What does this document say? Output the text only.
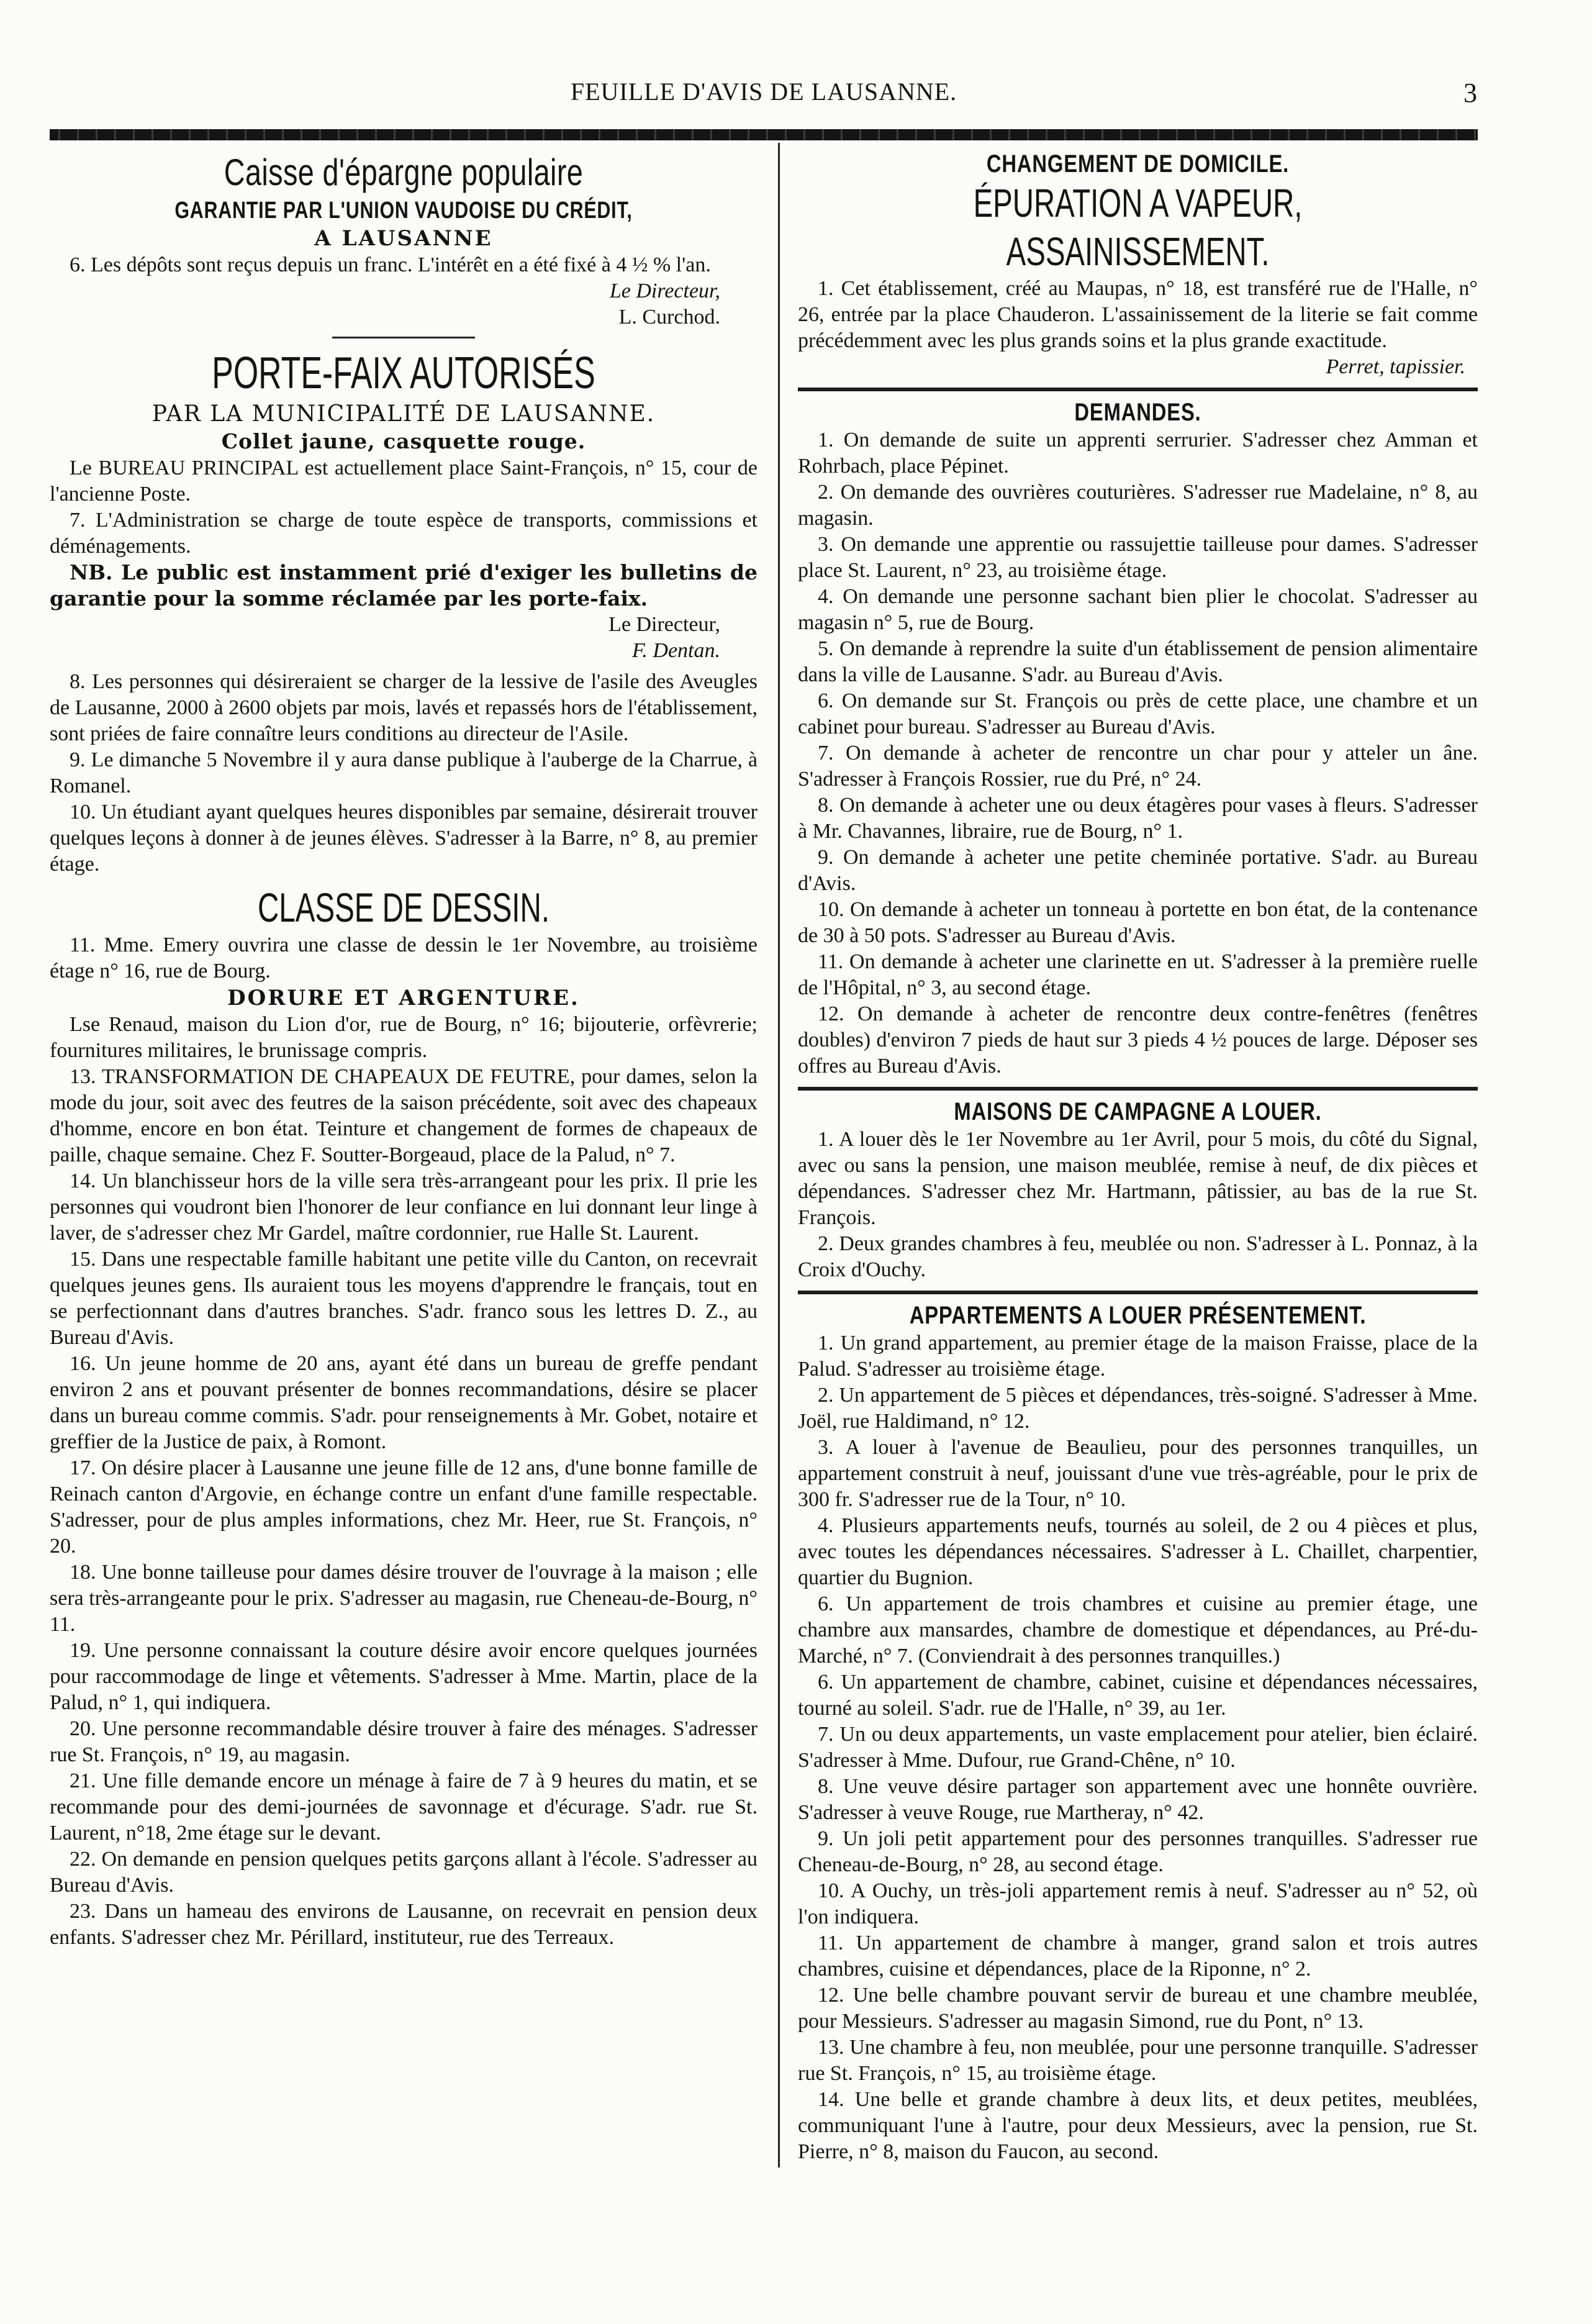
FEUILLE D'AVIS DE LAUSANNE.	3
Caisse d'épargne populaire
GARANTIE PAR L'UNION VAUDOISE DU CRÉDIT,
A LAUSANNE

6. Les dépôts sont reçus depuis un franc. L'intérêt en a été fixé à 4 ½ % l'an.

Le Directeur,
L. Curchod.
PORTE-FAIX AUTORISÉS
PAR LA MUNICIPALITÉ DE LAUSANNE.
Collet jaune, casquette rouge.

Le BUREAU PRINCIPAL est actuellement place Saint-François, n° 15, cour de l'ancienne Poste.

7. L'Administration se charge de toute espèce de transports, commissions et déménagements.

NB. Le public est instamment prié d'exiger les bulletins de garantie pour la somme réclamée par les porte-faix.

Le Directeur,
F. Dentan.

8. Les personnes qui désireraient se charger de la lessive de l'asile des Aveugles de Lausanne, 2000 à 2600 objets par mois, lavés et repassés hors de l'établissement, sont priées de faire connaître leurs conditions au directeur de l'Asile.

9. Le dimanche 5 Novembre il y aura danse publique à l'auberge de la Charrue, à Romanel.

10. Un étudiant ayant quelques heures disponibles par semaine, désirerait trouver quelques leçons à donner à de jeunes élèves. S'adresser à la Barre, n° 8, au premier étage.

CLASSE DE DESSIN.

11. Mme. Emery ouvrira une classe de dessin le 1er Novembre, au troisième étage n° 16, rue de Bourg.

DORURE ET ARGENTURE.

Lse Renaud, maison du Lion d'or, rue de Bourg, n° 16; bijouterie, orfèvrerie; fournitures militaires, le brunissage compris.

13. TRANSFORMATION DE CHAPEAUX DE FEUTRE, pour dames, selon la mode du jour, soit avec des feutres de la saison précédente, soit avec des chapeaux d'homme, encore en bon état. Teinture et changement de formes de chapeaux de paille, chaque semaine. Chez F. Soutter-Borgeaud, place de la Palud, n° 7.

14. Un blanchisseur hors de la ville sera très-arrangeant pour les prix. Il prie les personnes qui voudront bien l'honorer de leur confiance en lui donnant leur linge à laver, de s'adresser chez Mr Gardel, maître cordonnier, rue Halle St. Laurent.

15. Dans une respectable famille habitant une petite ville du Canton, on recevrait quelques jeunes gens. Ils auraient tous les moyens d'apprendre le français, tout en se perfectionnant dans d'autres branches. S'adr. franco sous les lettres D. Z., au Bureau d'Avis.

16. Un jeune homme de 20 ans, ayant été dans un bureau de greffe pendant environ 2 ans et pouvant présenter de bonnes recommandations, désire se placer dans un bureau comme commis. S'adr. pour renseignements à Mr. Gobet, notaire et greffier de la Justice de paix, à Romont.

17. On désire placer à Lausanne une jeune fille de 12 ans, d'une bonne famille de Reinach canton d'Argovie, en échange contre un enfant d'une famille respectable. S'adresser, pour de plus amples informations, chez Mr. Heer, rue St. François, n° 20.

18. Une bonne tailleuse pour dames désire trouver de l'ouvrage à la maison ; elle sera très-arrangeante pour le prix. S'adresser au magasin, rue Cheneau-de-Bourg, n° 11.

19. Une personne connaissant la couture désire avoir encore quelques journées pour raccommodage de linge et vêtements. S'adresser à Mme. Martin, place de la Palud, n° 1, qui indiquera.

20. Une personne recommandable désire trouver à faire des ménages. S'adresser rue St. François, n° 19, au magasin.

21. Une fille demande encore un ménage à faire de 7 à 9 heures du matin, et se recommande pour des demi-journées de savonnage et d'écurage. S'adr. rue St. Laurent, n°18, 2me étage sur le devant.

22. On demande en pension quelques petits garçons allant à l'école. S'adresser au Bureau d'Avis.

23. Dans un hameau des environs de Lausanne, on recevrait en pension deux enfants. S'adresser chez Mr. Périllard, instituteur, rue des Terreaux.

CHANGEMENT DE DOMICILE.
ÉPURATION A VAPEUR, ASSAINISSEMENT.

1. Cet établissement, créé au Maupas, n° 18, est transféré rue de l'Halle, n° 26, entrée par la place Chauderon. L'assainissement de la literie se fait comme précédemment avec les plus grands soins et la plus grande exactitude.

Perret, tapissier.
DEMANDES.

1. On demande de suite un apprenti serrurier. S'adresser chez Amman et Rohrbach, place Pépinet.

2. On demande des ouvrières couturières. S'adresser rue Madelaine, n° 8, au magasin.

3. On demande une apprentie ou rassujettie tailleuse pour dames. S'adresser place St. Laurent, n° 23, au troisième étage.

4. On demande une personne sachant bien plier le chocolat. S'adresser au magasin n° 5, rue de Bourg.

5. On demande à reprendre la suite d'un établissement de pension alimentaire dans la ville de Lausanne. S'adr. au Bureau d'Avis.

6. On demande sur St. François ou près de cette place, une chambre et un cabinet pour bureau. S'adresser au Bureau d'Avis.

7. On demande à acheter de rencontre un char pour y atteler un âne. S'adresser à François Rossier, rue du Pré, n° 24.

8. On demande à acheter une ou deux étagères pour vases à fleurs. S'adresser à Mr. Chavannes, libraire, rue de Bourg, n° 1.

9. On demande à acheter une petite cheminée portative. S'adr. au Bureau d'Avis.

10. On demande à acheter un tonneau à portette en bon état, de la contenance de 30 à 50 pots. S'adresser au Bureau d'Avis.

11. On demande à acheter une clarinette en ut. S'adresser à la première ruelle de l'Hôpital, n° 3, au second étage.

12. On demande à acheter de rencontre deux contre-fenêtres (fenêtres doubles) d'environ 7 pieds de haut sur 3 pieds 4 ½ pouces de large. Déposer ses offres au Bureau d'Avis.

MAISONS DE CAMPAGNE A LOUER.

1. A louer dès le 1er Novembre au 1er Avril, pour 5 mois, du côté du Signal, avec ou sans la pension, une maison meublée, remise à neuf, de dix pièces et dépendances. S'adresser chez Mr. Hartmann, pâtissier, au bas de la rue St. François.

2. Deux grandes chambres à feu, meublée ou non. S'adresser à L. Ponnaz, à la Croix d'Ouchy.

APPARTEMENTS A LOUER PRÉSENTEMENT.

1. Un grand appartement, au premier étage de la maison Fraisse, place de la Palud. S'adresser au troisième étage.

2. Un appartement de 5 pièces et dépendances, très-soigné. S'adresser à Mme. Joël, rue Haldimand, n° 12.

3. A louer à l'avenue de Beaulieu, pour des personnes tranquilles, un appartement construit à neuf, jouissant d'une vue très-agréable, pour le prix de 300 fr. S'adresser rue de la Tour, n° 10.

4. Plusieurs appartements neufs, tournés au soleil, de 2 ou 4 pièces et plus, avec toutes les dépendances nécessaires. S'adresser à L. Chaillet, charpentier, quartier du Bugnion.

6. Un appartement de trois chambres et cuisine au premier étage, une chambre aux mansardes, chambre de domestique et dépendances, au Pré-du-Marché, n° 7. (Conviendrait à des personnes tranquilles.)

6. Un appartement de chambre, cabinet, cuisine et dépendances nécessaires, tourné au soleil. S'adr. rue de l'Halle, n° 39, au 1er.

7. Un ou deux appartements, un vaste emplacement pour atelier, bien éclairé. S'adresser à Mme. Dufour, rue Grand-Chêne, n° 10.

8. Une veuve désire partager son appartement avec une honnête ouvrière. S'adresser à veuve Rouge, rue Martheray, n° 42.

9. Un joli petit appartement pour des personnes tranquilles. S'adresser rue Cheneau-de-Bourg, n° 28, au second étage.

10. A Ouchy, un très-joli appartement remis à neuf. S'adresser au n° 52, où l'on indiquera.

11. Un appartement de chambre à manger, grand salon et trois autres chambres, cuisine et dépendances, place de la Riponne, n° 2.

12. Une belle chambre pouvant servir de bureau et une chambre meublée, pour Messieurs. S'adresser au magasin Simond, rue du Pont, n° 13.

13. Une chambre à feu, non meublée, pour une personne tranquille. S'adresser rue St. François, n° 15, au troisième étage.

14. Une belle et grande chambre à deux lits, et deux petites, meublées, communiquant l'une à l'autre, pour deux Messieurs, avec la pension, rue St. Pierre, n° 8, maison du Faucon, au second.
